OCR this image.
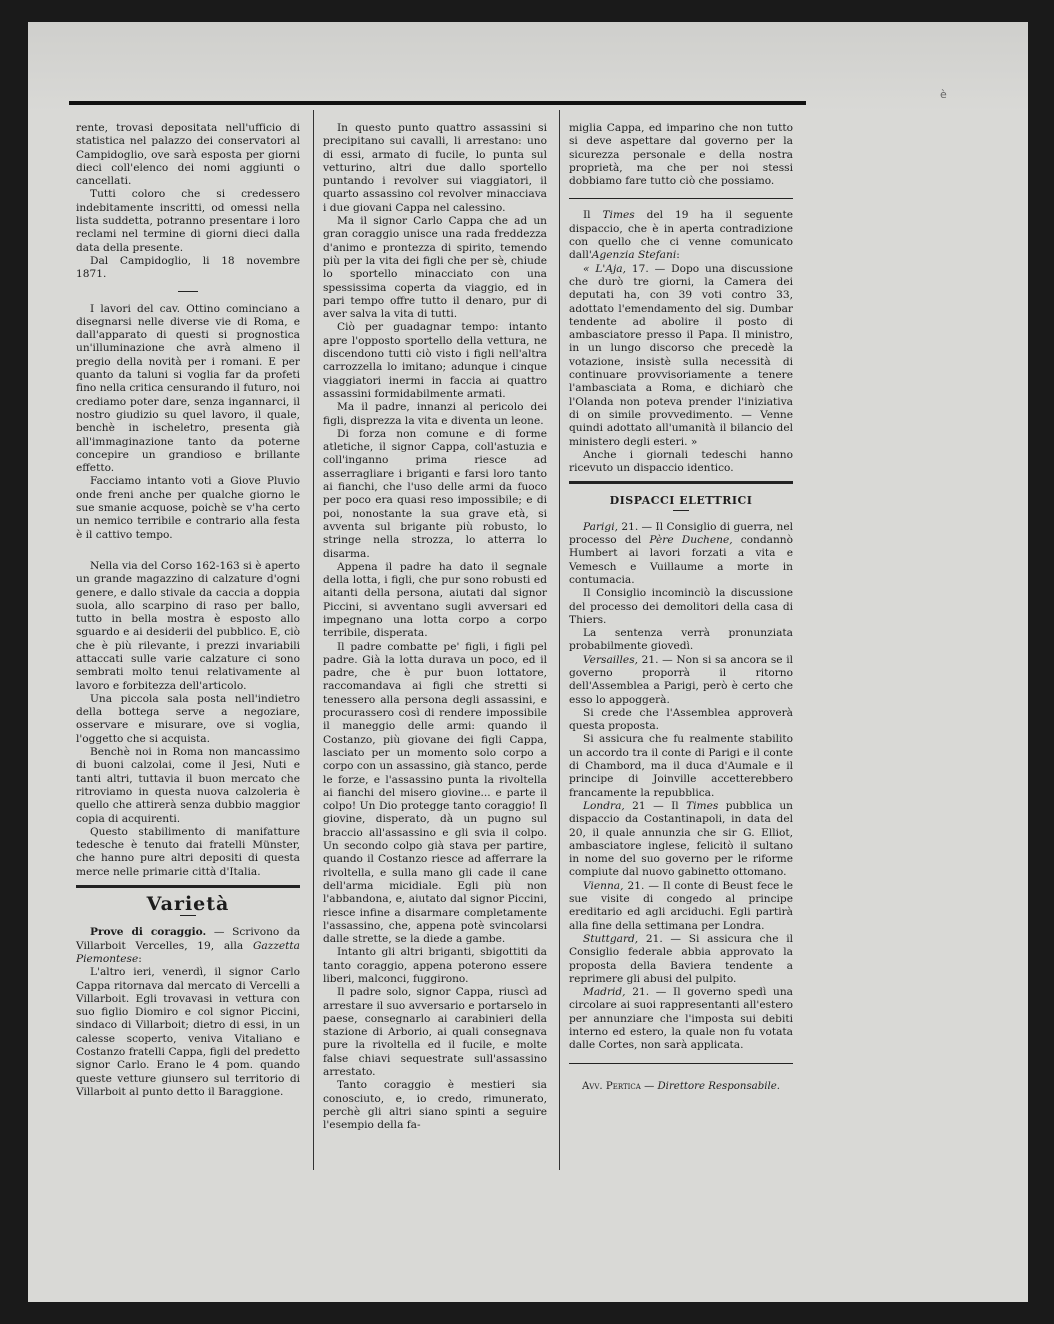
è

rente, trovasi depositata nell'ufficio di statistica nel palazzo dei conservatori al Campidoglio, ove sarà esposta per giorni dieci coll'elenco dei nomi aggiunti o cancellati.

Tutti coloro che si credessero indebitamente inscritti, od omessi nella lista suddetta, potranno presentare i loro reclami nel termine di giorni dieci dalla data della presente.

Dal Campidoglio, li 18 novembre 1871.

I lavori del cav. Ottino cominciano a disegnarsi nelle diverse vie di Roma, e dall'apparato di questi si prognostica un'illuminazione che avrà almeno il pregio della novità per i romani. E per quanto da taluni si voglia far da profeti fino nella critica censurando il futuro, noi crediamo poter dare, senza ingannarci, il nostro giudizio su quel lavoro, il quale, benchè in ischeletro, presenta già all'immaginazione tanto da poterne concepire un grandioso e brillante effetto.

Facciamo intanto voti a Giove Pluvio onde freni anche per qualche giorno le sue smanie acquose, poichè se v'ha certo un nemico terribile e contrario alla festa è il cattivo tempo.

Nella via del Corso 162-163 si è aperto un grande magazzino di calzature d'ogni genere, e dallo stivale da caccia a doppia suola, allo scarpino di raso per ballo, tutto in bella mostra è esposto allo sguardo e ai desiderii del pubblico. E, ciò che è più rilevante, i prezzi invariabili attaccati sulle varie calzature ci sono sembrati molto tenui relativamente al lavoro e forbitezza dell'articolo.

Una piccola sala posta nell'indietro della bottega serve a negoziare, osservare e misurare, ove si voglia, l'oggetto che si acquista.

Benchè noi in Roma non mancassimo di buoni calzolai, come il Jesi, Nuti e tanti altri, tuttavia il buon mercato che ritroviamo in questa nuova calzoleria è quello che attirerà senza dubbio maggior copia di acquirenti.

Questo stabilimento di manifatture tedesche è tenuto dai fratelli Münster, che hanno pure altri depositi di questa merce nelle primarie città d'Italia.

Varietà

Prove di coraggio. — Scrivono da Villarboit Vercelles, 19, alla Gazzetta Piemontese:

L'altro ieri, venerdì, il signor Carlo Cappa ritornava dal mercato di Vercelli a Villarboit. Egli trovavasi in vettura con suo figlio Diomiro e col signor Piccini, sindaco di Villarboit; dietro di essi, in un calesse scoperto, veniva Vitaliano e Costanzo fratelli Cappa, figli del predetto signor Carlo. Erano le 4 pom. quando queste vetture giunsero sul territorio di Villarboit al punto detto il Baraggione.

In questo punto quattro assassini si precipitano sui cavalli, li arrestano: uno di essi, armato di fucile, lo punta sul vetturino, altri due dallo sportello puntando i revolver sui viaggiatori, il quarto assassino col revolver minacciava i due giovani Cappa nel calessino.

Ma il signor Carlo Cappa che ad un gran coraggio unisce una rada freddezza d'animo e prontezza di spirito, temendo più per la vita dei figli che per sè, chiude lo sportello minacciato con una spessissima coperta da viaggio, ed in pari tempo offre tutto il denaro, pur di aver salva la vita di tutti.

Ciò per guadagnar tempo: intanto apre l'opposto sportello della vettura, ne discendono tutti ciò visto i figli nell'altra carrozzella lo imitano; adunque i cinque viaggiatori inermi in faccia ai quattro assassini formidabilmente armati.

Ma il padre, innanzi al pericolo dei figli, disprezza la vita e diventa un leone.

Di forza non comune e di forme atletiche, il signor Cappa, coll'astuzia e coll'inganno prima riesce ad asserragliare i briganti e farsi loro tanto ai fianchi, che l'uso delle armi da fuoco per poco era quasi reso impossibile; e di poi, nonostante la sua grave età, si avventa sul brigante più robusto, lo stringe nella strozza, lo atterra lo disarma.

Appena il padre ha dato il segnale della lotta, i figli, che pur sono robusti ed aitanti della persona, aiutati dal signor Piccini, si avventano sugli avversari ed impegnano una lotta corpo a corpo terribile, disperata.

Il padre combatte pe' figli, i figli pel padre. Già la lotta durava un poco, ed il padre, che è pur buon lottatore, raccomandava ai figli che stretti si tenessero alla persona degli assassini, e procurassero così di rendere impossibile il maneggio delle armi: quando il Costanzo, più giovane dei figli Cappa, lasciato per un momento solo corpo a corpo con un assassino, già stanco, perde le forze, e l'assassino punta la rivoltella ai fianchi del misero giovine... e parte il colpo! Un Dio protegge tanto coraggio! Il giovine, disperato, dà un pugno sul braccio all'assassino e gli svia il colpo. Un secondo colpo già stava per partire, quando il Costanzo riesce ad afferrare la rivoltella, e sulla mano gli cade il cane dell'arma micidiale. Egli più non l'abbandona, e, aiutato dal signor Piccini, riesce infine a disarmare completamente l'assassino, che, appena potè svincolarsi dalle strette, se la diede a gambe.

Intanto gli altri briganti, sbigottiti da tanto coraggio, appena poterono essere liberi, malconci, fuggirono.

Il padre solo, signor Cappa, riuscì ad arrestare il suo avversario e portarselo in paese, consegnarlo ai carabinieri della stazione di Arborio, ai quali consegnava pure la rivoltella ed il fucile, e molte false chiavi sequestrate sull'assassino arrestato.

Tanto coraggio è mestieri sia conosciuto, e, io credo, rimunerato, perchè gli altri siano spinti a seguire l'esempio della fa-

miglia Cappa, ed imparino che non tutto si deve aspettare dal governo per la sicurezza personale e della nostra proprietà, ma che per noi stessi dobbiamo fare tutto ciò che possiamo.

Il Times del 19 ha il seguente dispaccio, che è in aperta contradizione con quello che ci venne comunicato dall'Agenzia Stefani:

« L'Aja, 17. — Dopo una discussione che durò tre giorni, la Camera dei deputati ha, con 39 voti contro 33, adottato l'emendamento del sig. Dumbar tendente ad abolire il posto di ambasciatore presso il Papa. Il ministro, in un lungo discorso che precedè la votazione, insistè sulla necessità di continuare provvisoriamente a tenere l'ambasciata a Roma, e dichiarò che l'Olanda non poteva prender l'iniziativa di on simile provvedimento. — Venne quindi adottato all'umanità il bilancio del ministero degli esteri. »

Anche i giornali tedeschi hanno ricevuto un dispaccio identico.

DISPACCI ELETTRICI

Parigi, 21. — Il Consiglio di guerra, nel processo del Père Duchene, condannò Humbert ai lavori forzati a vita e Vemesch e Vuillaume a morte in contumacia.

Il Consiglio incominciò la discussione del processo dei demolitori della casa di Thiers.

La sentenza verrà pronunziata probabilmente giovedì.

Versailles, 21. — Non si sa ancora se il governo proporrà il ritorno dell'Assemblea a Parigi, però è certo che esso lo appoggerà.

Si crede che l'Assemblea approverà questa proposta.

Si assicura che fu realmente stabilito un accordo tra il conte di Parigi e il conte di Chambord, ma il duca d'Aumale e il principe di Joinville accetterebbero francamente la repubblica.

Londra, 21 — Il Times pubblica un dispaccio da Costantinapoli, in data del 20, il quale annunzia che sir G. Elliot, ambasciatore inglese, felicitò il sultano in nome del suo governo per le riforme compiute dal nuovo gabinetto ottomano.

Vienna, 21. — Il conte di Beust fece le sue visite di congedo al principe ereditario ed agli arciduchi. Egli partirà alla fine della settimana per Londra.

Stuttgard, 21. — Si assicura che il Consiglio federale abbia approvato la proposta della Baviera tendente a reprimere gli abusi del pulpito.

Madrid, 21. — Il governo spedì una circolare ai suoi rappresentanti all'estero per annunziare che l'imposta sui debiti interno ed estero, la quale non fu votata dalle Cortes, non sarà applicata.

Avv. Pertica — Direttore Responsabile.
